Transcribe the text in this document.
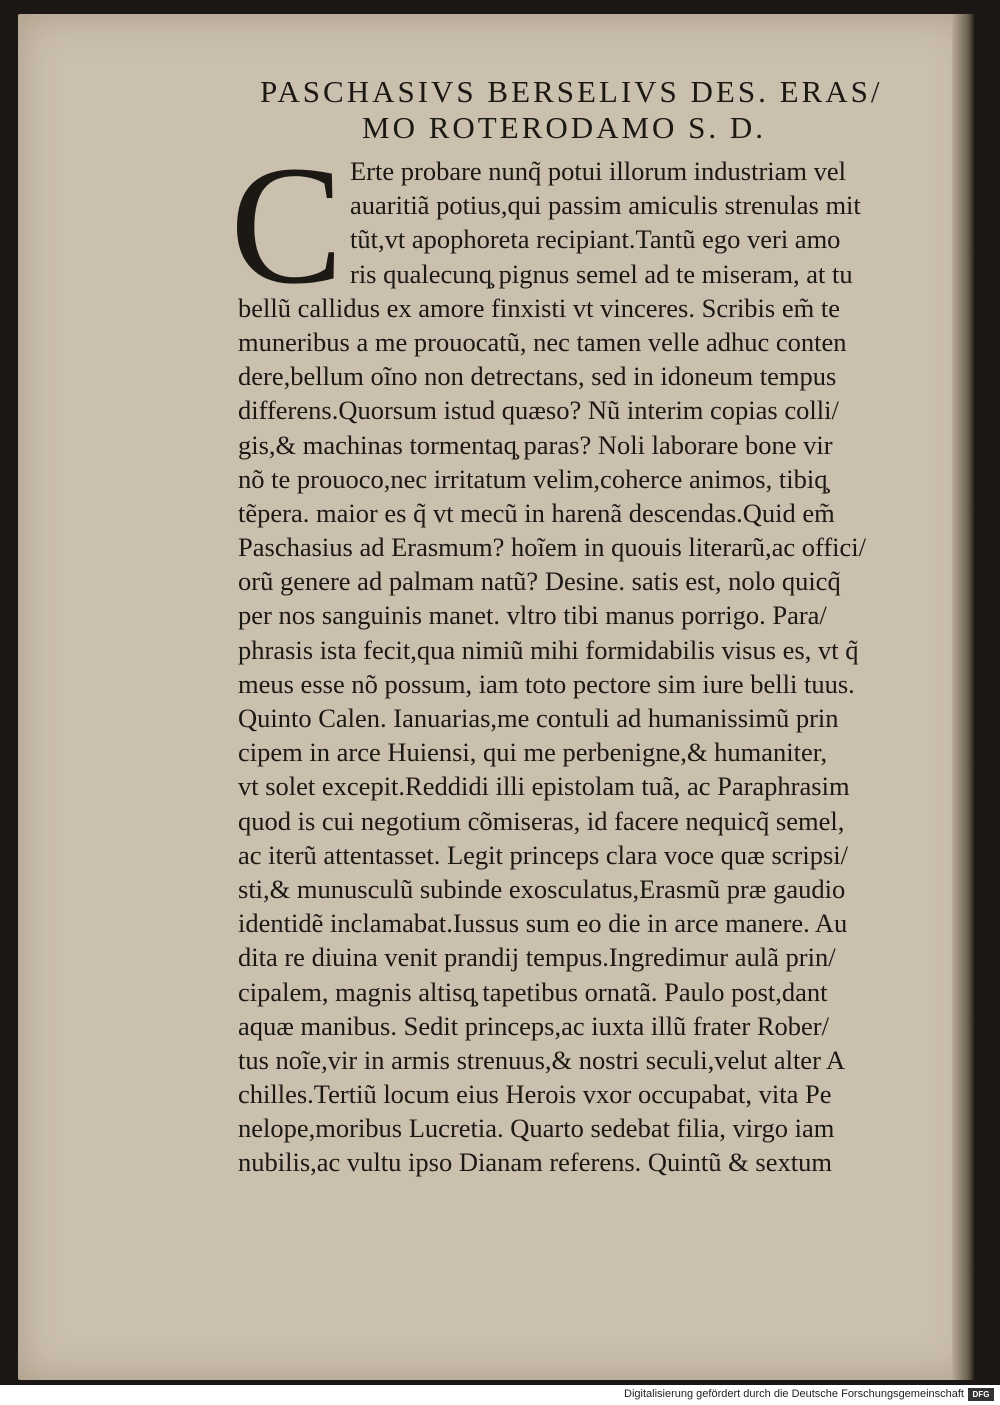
PASCHASIVS BERSELIVS DES. ERAS/
MO ROTERODAMO S. D.
C Erte probare nunq̃ potui illorum industriam vel
auaritiã potius,qui passim amiculis strenulas mit
tũt,vt apophoreta recipiant.Tantũ ego veri amo
ris qualecunq̧ pignus semel ad te miseram, at tu
bellũ callidus ex amore finxisti vt vinceres. Scribis em̃ te
muneribus a me prouocatũ, nec tamen velle adhuc conten
dere,bellum oĩno non detrectans, sed in idoneum tempus
differens.Quorsum istud quæso? Nũ interim copias colli/
gis,& machinas tormentaq̧ paras? Noli laborare bone vir
nõ te prouoco,nec irritatum velim,coherce animos, tibiq̧
tẽpera. maior es q̃ vt mecũ in harenã descendas.Quid em̃
Paschasius ad Erasmum? hoĩem in quouis literarũ,ac offici/
orũ genere ad palmam natũ? Desine. satis est, nolo quicq̃
per nos sanguinis manet. vltro tibi manus porrigo. Para/
phrasis ista fecit,qua nimiũ mihi formidabilis visus es, vt q̃
meus esse nõ possum, iam toto pectore sim iure belli tuus.
Quinto Calen. Ianuarias,me contuli ad humanissimũ prin
cipem in arce Huiensi, qui me perbenigne,& humaniter,
vt solet excepit.Reddidi illi epistolam tuã, ac Paraphrasim
quod is cui negotium cõmiseras, id facere nequicq̃ semel,
ac iterũ attentasset. Legit princeps clara voce quæ scripsi/
sti,& munusculũ subinde exosculatus,Erasmũ præ gaudio
identidẽ inclamabat.Iussus sum eo die in arce manere. Au
dita re diuina venit prandij tempus.Ingredimur aulã prin/
cipalem, magnis altisq̧ tapetibus ornatã. Paulo post,dant
aquæ manibus. Sedit princeps,ac iuxta illũ frater Rober/
tus noĩe,vir in armis strenuus,& nostri seculi,velut alter A
chilles.Tertiũ locum eius Herois vxor occupabat, vita Pe
nelope,moribus Lucretia. Quarto sedebat filia, virgo iam
nubilis,ac vultu ipso Dianam referens. Quintũ & sextum
Digitalisierung gefördert durch die Deutsche Forschungsgemeinschaft	DFG
